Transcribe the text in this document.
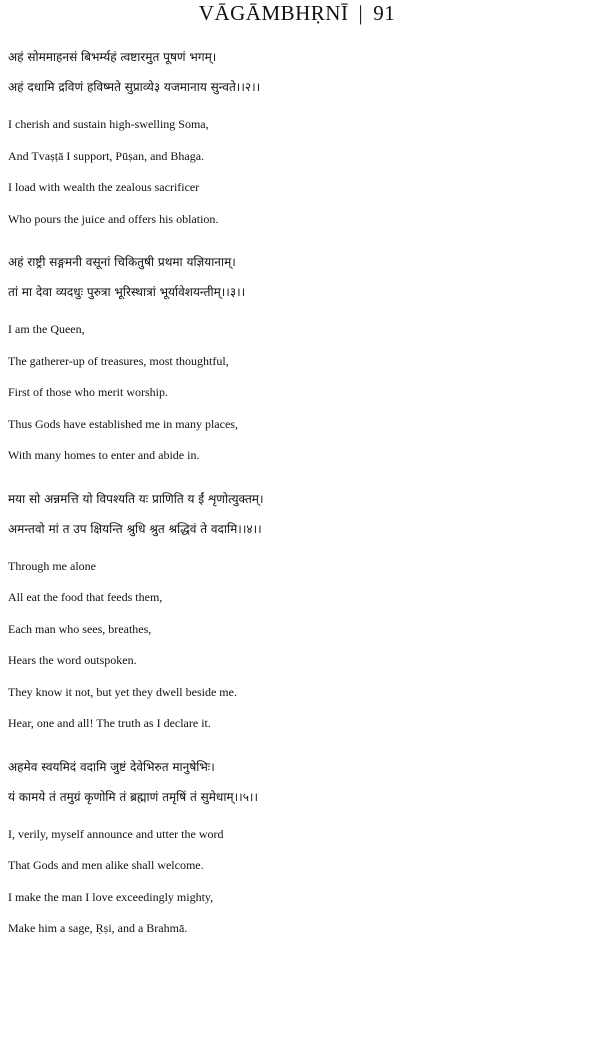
VĀGĀMBHṚNĪ | 91

अहं सोममाहनसं बिभर्म्यहं त्वष्टारमुत पूषणं भगम्।
अहं दधामि द्रविणं हविष्मते सुप्राव्ये३ यजमानाय सुन्वते।।२।।

I cherish and sustain high-swelling Soma,
And Tvaṣṭā I support, Pūṣan, and Bhaga.
I load with wealth the zealous sacrificer
Who pours the juice and offers his oblation.

अहं राष्ट्री सङ्गमनी वसूनां चिकितुषी प्रथमा यज्ञियानाम्।
तां मा देवा व्यदधुः पुरुत्रा भूरिस्थात्रां भूर्यावेशयन्तीम्।।३।।

I am the Queen,
The gatherer-up of treasures, most thoughtful,
First of those who merit worship.
Thus Gods have established me in many places,
With many homes to enter and abide in.

मया सो अन्नमत्ति यो विपश्यति यः प्राणिति य ईं शृणोत्युक्तम्।
अमन्तवो मां त उप क्षियन्ति श्रुधि श्रुत श्रद्धिवं ते वदामि।।४।।

Through me alone
All eat the food that feeds them,
Each man who sees, breathes,
Hears the word outspoken.
They know it not, but yet they dwell beside me.
Hear, one and all! The truth as I declare it.

अहमेव स्वयमिदं वदामि जुष्टं देवेभिरुत मानुषेभिः।
यं कामये तं तमुग्रं कृणोमि तं ब्रह्माणं तमृषिं तं सुमेधाम्।।५।।

I, verily, myself announce and utter the word
That Gods and men alike shall welcome.
I make the man I love exceedingly mighty,
Make him a sage, Ṛṣi, and a Brahmā.
